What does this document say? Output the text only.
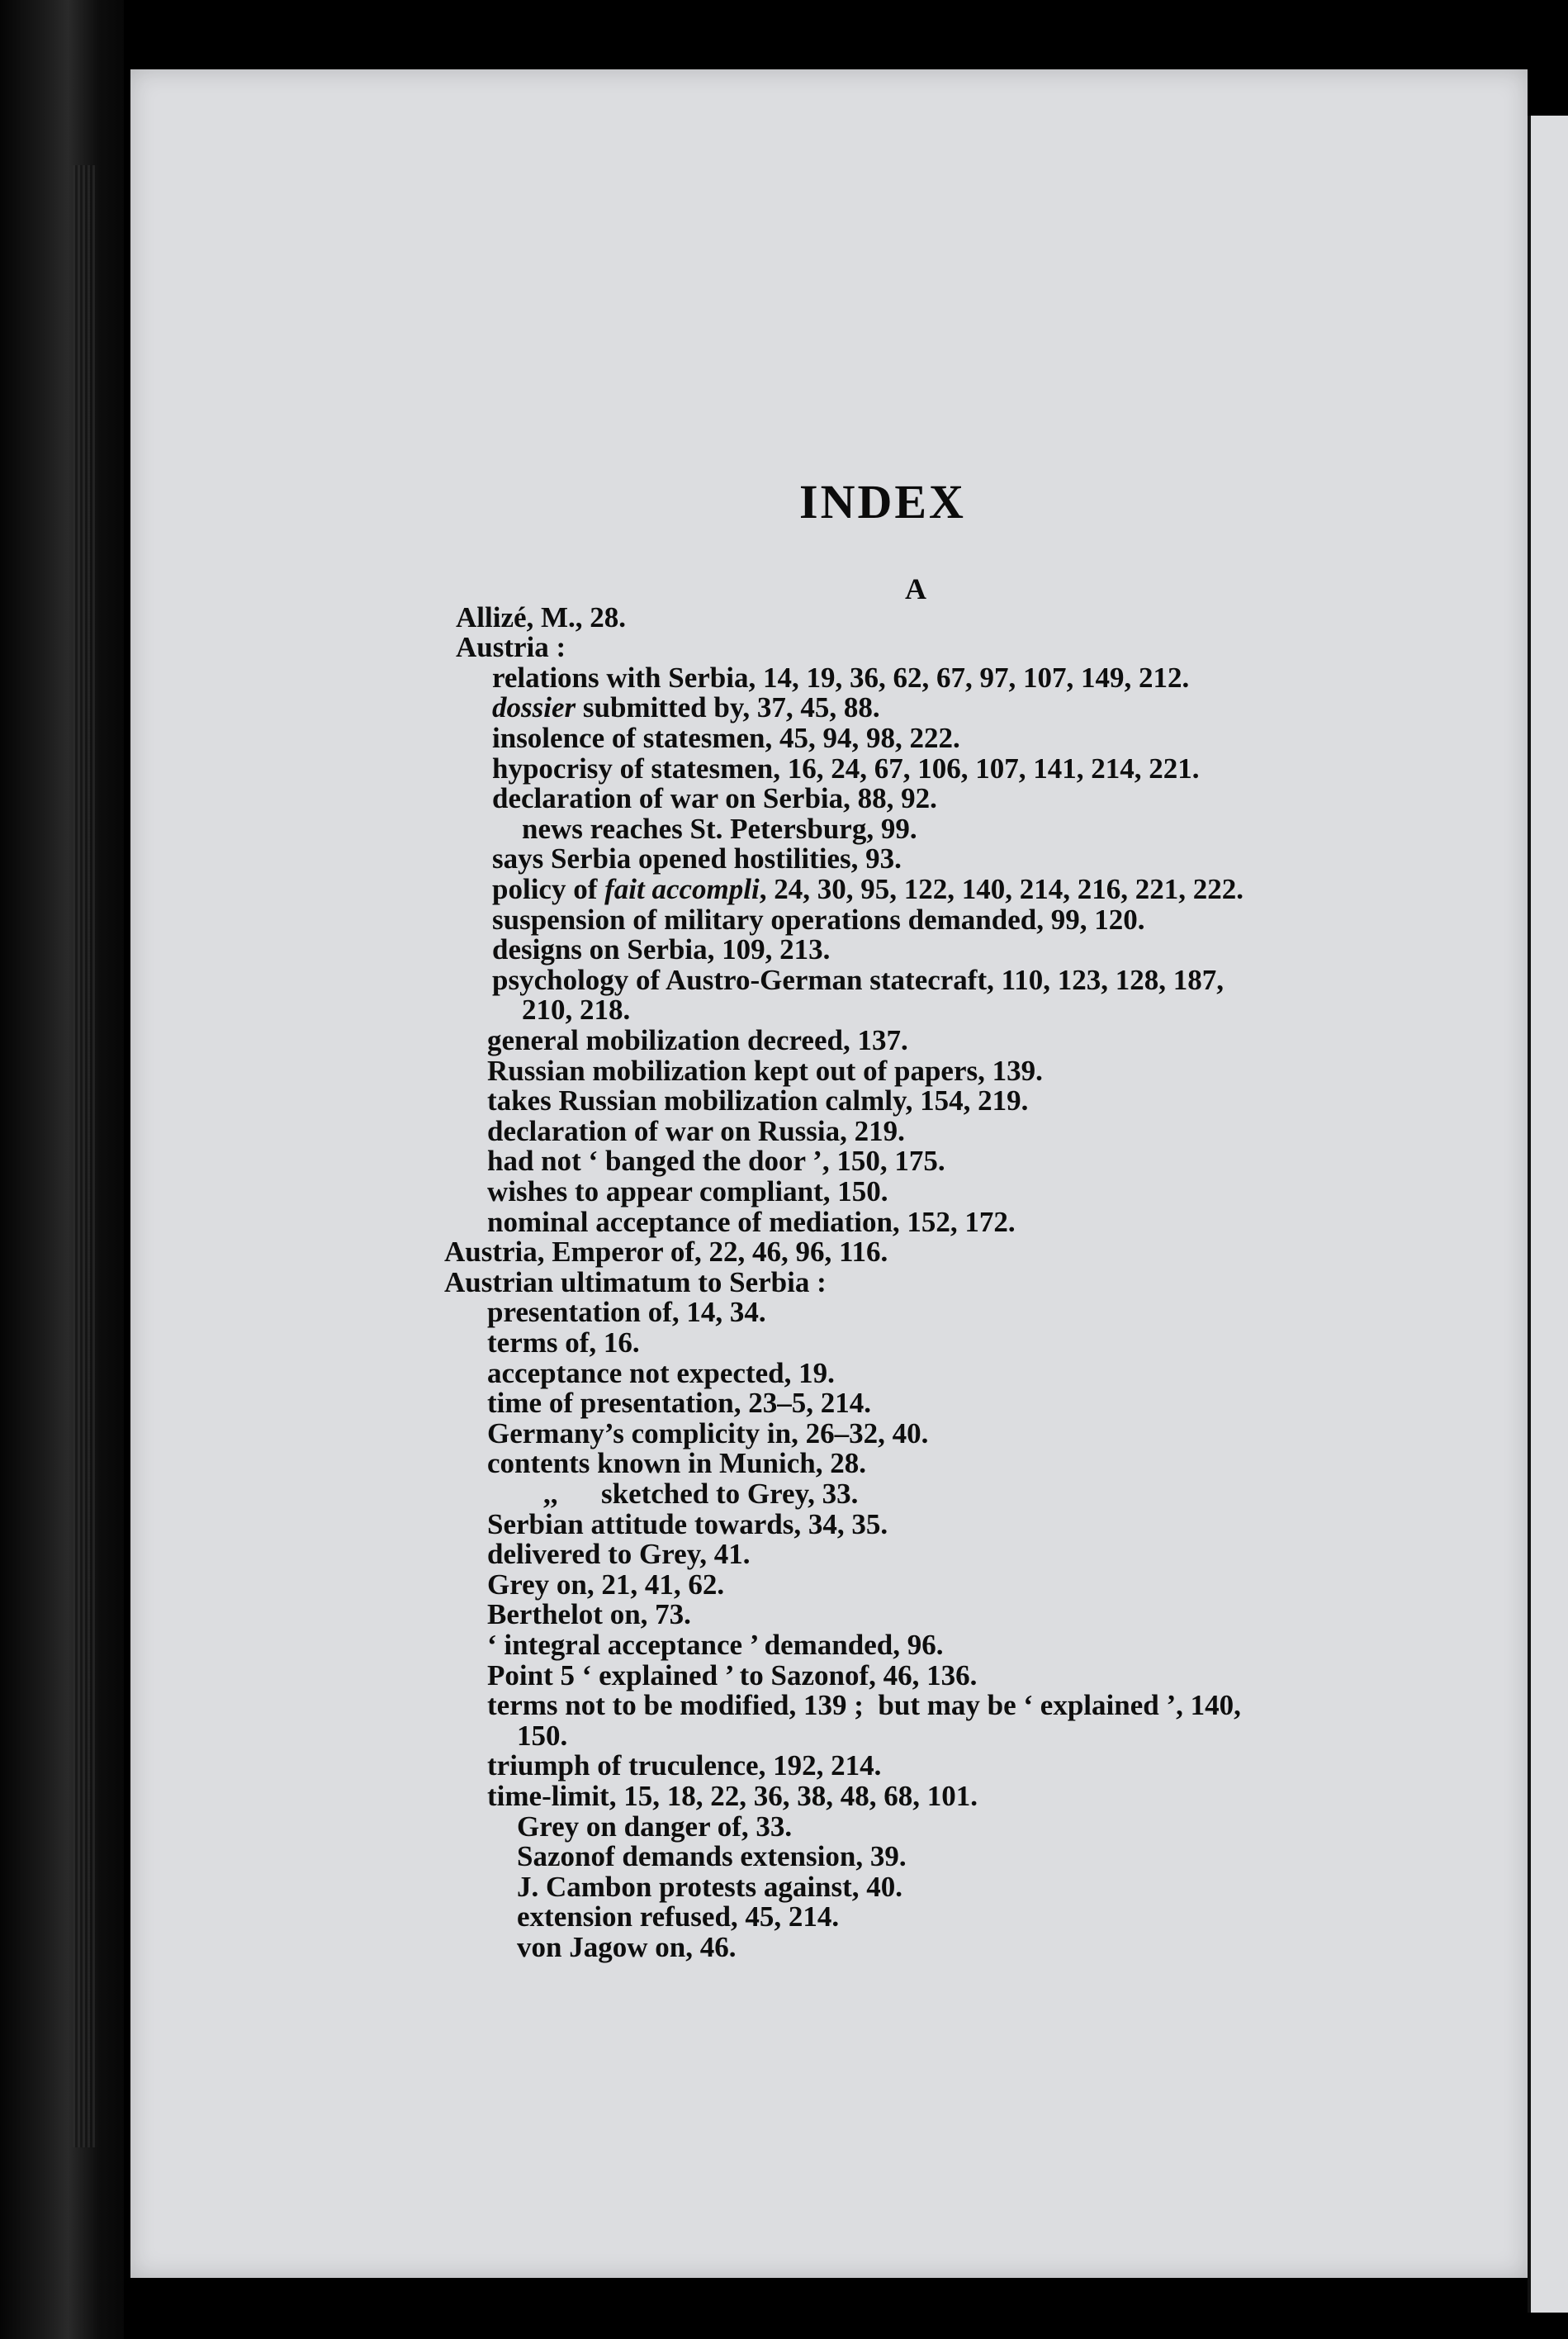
INDEX
A
Allizé, M., 28.
Austria :
relations with Serbia, 14, 19, 36, 62, 67, 97, 107, 149, 212.
dossier submitted by, 37, 45, 88.
insolence of statesmen, 45, 94, 98, 222.
hypocrisy of statesmen, 16, 24, 67, 106, 107, 141, 214, 221.
declaration of war on Serbia, 88, 92.
news reaches St. Petersburg, 99.
says Serbia opened hostilities, 93.
policy of fait accompli, 24, 30, 95, 122, 140, 214, 216, 221, 222.
suspension of military operations demanded, 99, 120.
designs on Serbia, 109, 213.
psychology of Austro-German statecraft, 110, 123, 128, 187,
210, 218.
general mobilization decreed, 137.
Russian mobilization kept out of papers, 139.
takes Russian mobilization calmly, 154, 219.
declaration of war on Russia, 219.
had not ‘ banged the door ’, 150, 175.
wishes to appear compliant, 150.
nominal acceptance of mediation, 152, 172.
Austria, Emperor of, 22, 46, 96, 116.
Austrian ultimatum to Serbia :
presentation of, 14, 34.
terms of, 16.
acceptance not expected, 19.
time of presentation, 23–5, 214.
Germany’s complicity in, 26–32, 40.
contents known in Munich, 28.
,,      sketched to Grey, 33.
Serbian attitude towards, 34, 35.
delivered to Grey, 41.
Grey on, 21, 41, 62.
Berthelot on, 73.
‘ integral acceptance ’ demanded, 96.
Point 5 ‘ explained ’ to Sazonof, 46, 136.
terms not to be modified, 139 ;  but may be ‘ explained ’, 140,
150.
triumph of truculence, 192, 214.
time-limit, 15, 18, 22, 36, 38, 48, 68, 101.
Grey on danger of, 33.
Sazonof demands extension, 39.
J. Cambon protests against, 40.
extension refused, 45, 214.
von Jagow on, 46.
